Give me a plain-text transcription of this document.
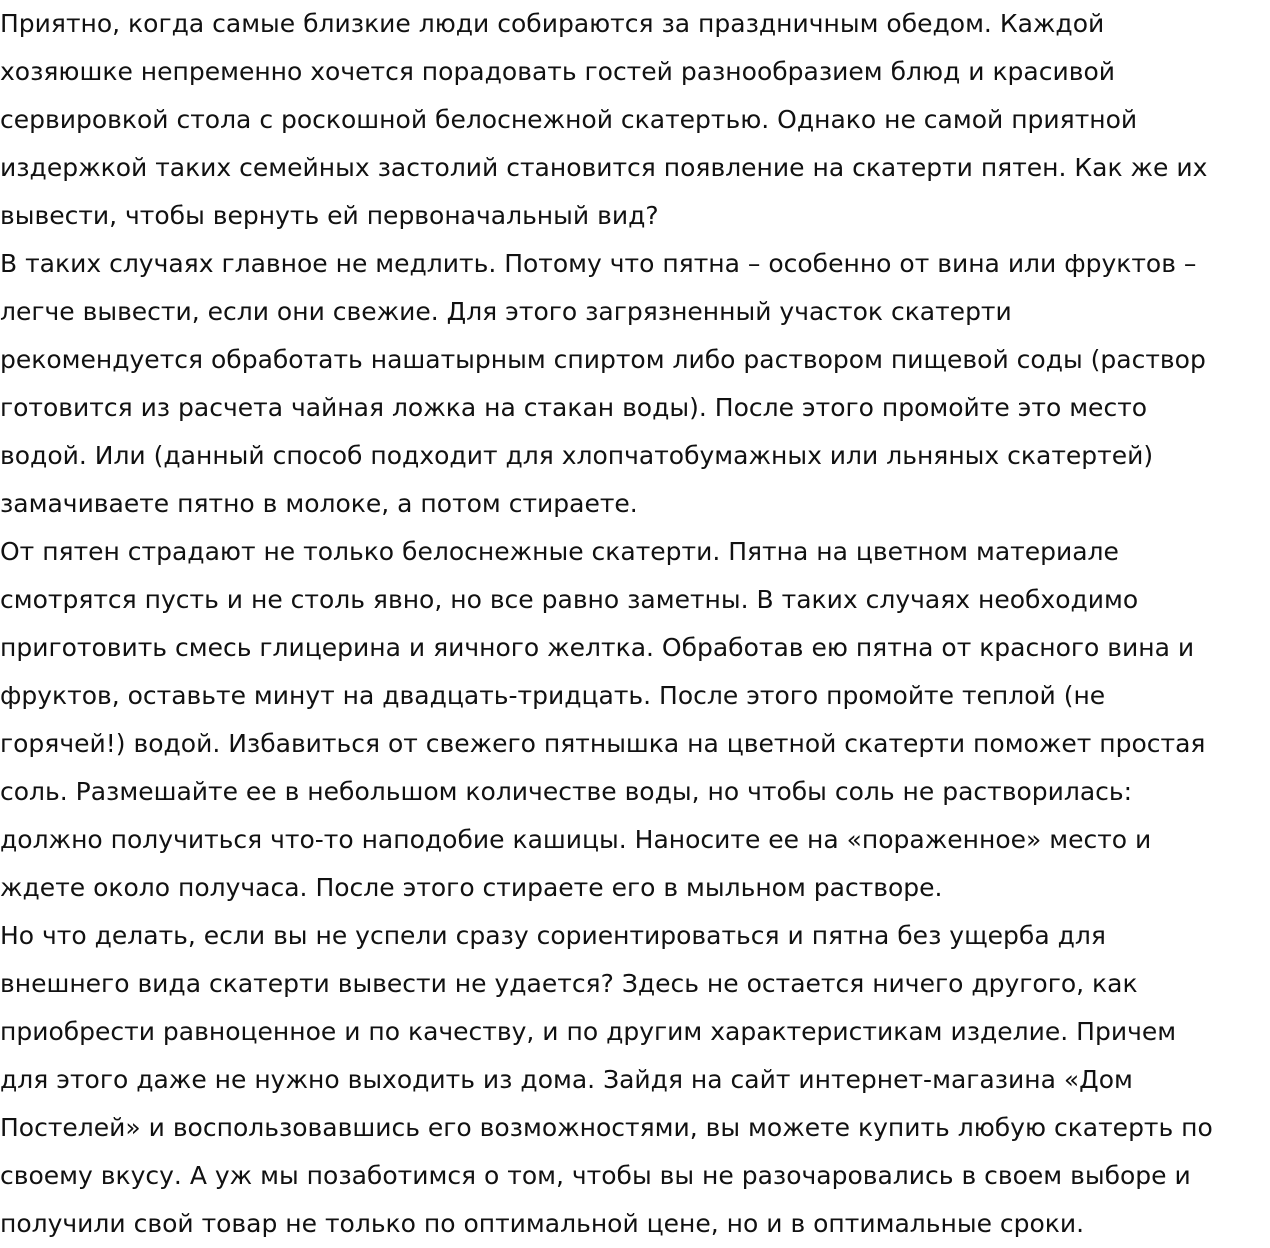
Приятно, когда самые близкие люди собираются за праздничным обедом. Каждой
хозяюшке непременно хочется порадовать гостей разнообразием блюд и красивой
сервировкой стола с роскошной белоснежной скатертью. Однако не самой приятной
издержкой таких семейных застолий становится появление на скатерти пятен. Как же их
вывести, чтобы вернуть ей первоначальный вид?

В таких случаях главное не медлить. Потому что пятна – особенно от вина или фруктов –
легче вывести, если они свежие. Для этого загрязненный участок скатерти
рекомендуется обработать нашатырным спиртом либо раствором пищевой соды (раствор
готовится из расчета чайная ложка на стакан воды). После этого промойте это место
водой. Или (данный способ подходит для хлопчатобумажных или льняных скатертей)
замачиваете пятно в молоке, а потом стираете.

От пятен страдают не только белоснежные скатерти. Пятна на цветном материале
смотрятся пусть и не столь явно, но все равно заметны. В таких случаях необходимо
приготовить смесь глицерина и яичного желтка. Обработав ею пятна от красного вина и
фруктов, оставьте минут на двадцать-тридцать. После этого промойте теплой (не
горячей!) водой. Избавиться от свежего пятнышка на цветной скатерти поможет простая
соль. Размешайте ее в небольшом количестве воды, но чтобы соль не растворилась:
должно получиться что-то наподобие кашицы. Наносите ее на «пораженное» место и
ждете около получаса. После этого стираете его в мыльном растворе.

Но что делать, если вы не успели сразу сориентироваться и пятна без ущерба для
внешнего вида скатерти вывести не удается? Здесь не остается ничего другого, как
приобрести равноценное и по качеству, и по другим характеристикам изделие. Причем
для этого даже не нужно выходить из дома. Зайдя на сайт интернет-магазина «Дом
Постелей» и воспользовавшись его возможностями, вы можете купить любую скатерть по
своему вкусу. А уж мы позаботимся о том, чтобы вы не разочаровались в своем выборе и
получили свой товар не только по оптимальной цене, но и в оптимальные сроки.
